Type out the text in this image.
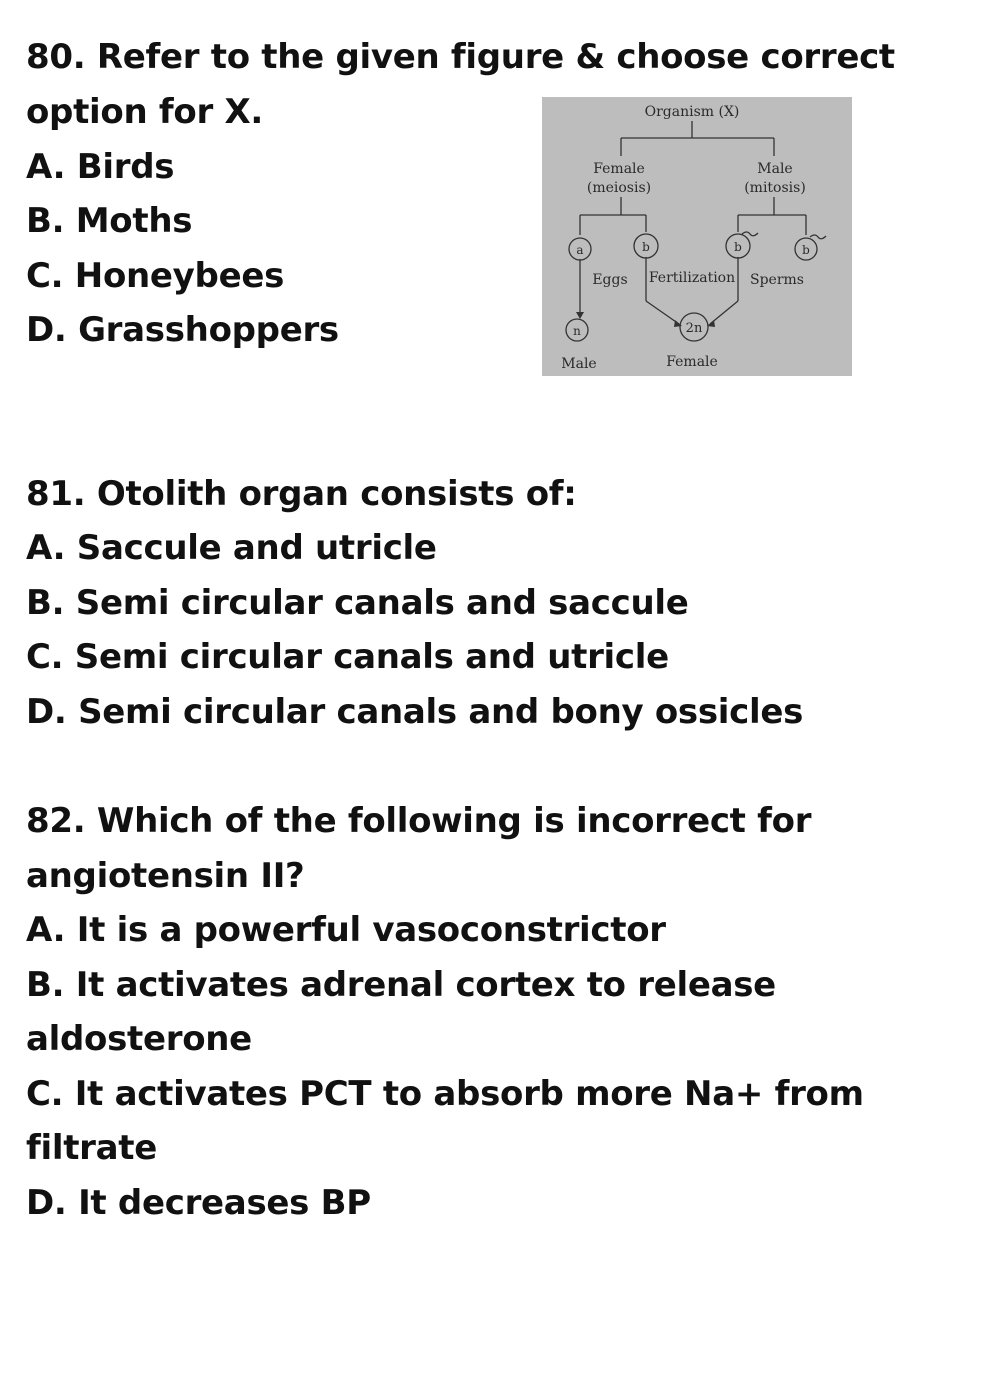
80. Refer to the given figure & choose correct
option for X.
A. Birds
B. Moths
C. Honeybees
D. Grasshoppers
Organism (X)
Female
(meiosis)
Male
(mitosis)
a	b	b	b
Eggs Fertilization Sperms
n	2n
Male	Female
81. Otolith organ consists of:
A. Saccule and utricle
B. Semi circular canals and saccule
C. Semi circular canals and utricle
D. Semi circular canals and bony ossicles
82. Which of the following is incorrect for
angiotensin II?
A. It is a powerful vasoconstrictor
B. It activates adrenal cortex to release
aldosterone
C. It activates PCT to absorb more Na+ from
filtrate
D. It decreases BP
